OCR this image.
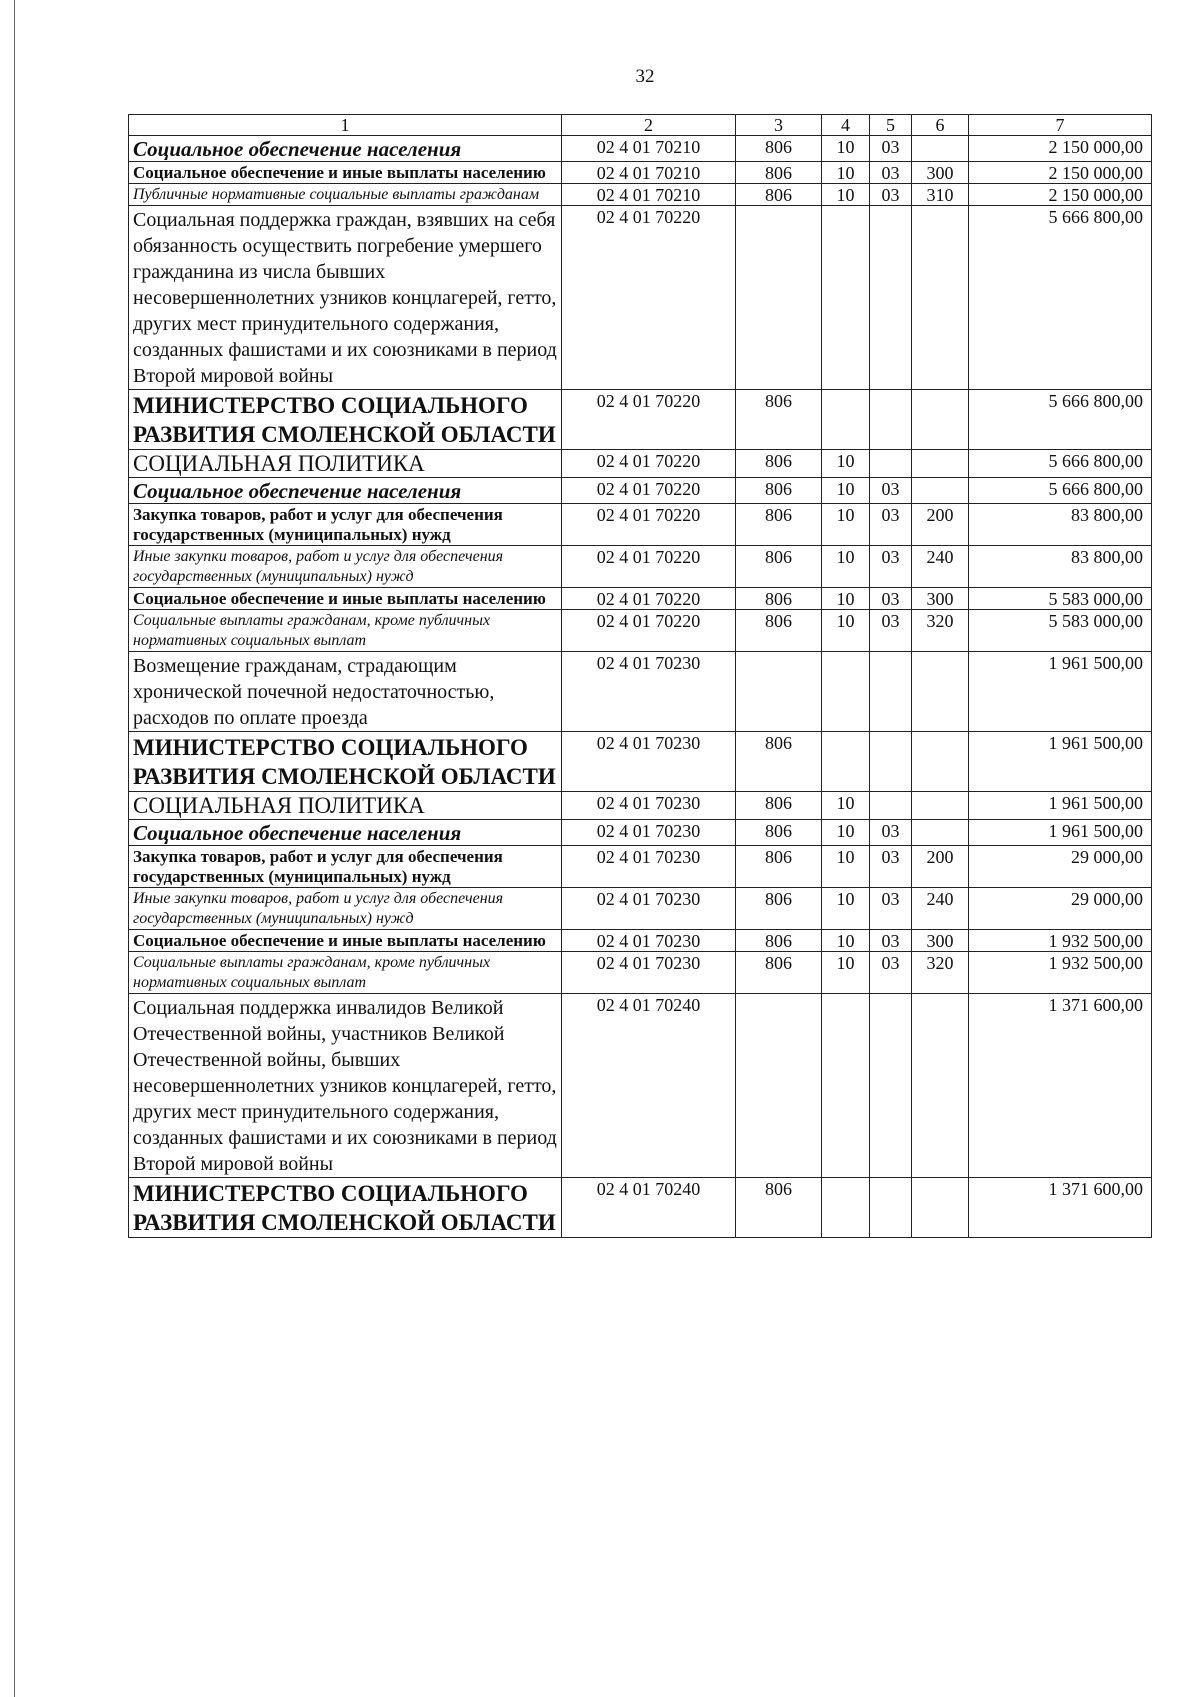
32
1	2	3	4	5	6	7
Социальное обеспечение населения	02 4 01 70210	806	10	03		2 150 000,00
Социальное обеспечение и иные выплаты населению	02 4 01 70210	806	10	03	300	2 150 000,00
Публичные нормативные социальные выплаты гражданам	02 4 01 70210	806	10	03	310	2 150 000,00
Социальная поддержка граждан, взявших на себя обязанность осуществить погребение умершего гражданина из числа бывших несовершеннолетних узников концлагерей, гетто, других мест принудительного содержания, созданных фашистами и их союзниками в период Второй мировой войны	02 4 01 70220					5 666 800,00
МИНИСТЕРСТВО СОЦИАЛЬНОГО РАЗВИТИЯ СМОЛЕНСКОЙ ОБЛАСТИ	02 4 01 70220	806				5 666 800,00
СОЦИАЛЬНАЯ ПОЛИТИКА	02 4 01 70220	806	10			5 666 800,00
Социальное обеспечение населения	02 4 01 70220	806	10	03		5 666 800,00
Закупка товаров, работ и услуг для обеспечения государственных (муниципальных) нужд	02 4 01 70220	806	10	03	200	83 800,00
Иные закупки товаров, работ и услуг для обеспечения государственных (муниципальных) нужд	02 4 01 70220	806	10	03	240	83 800,00
Социальное обеспечение и иные выплаты населению	02 4 01 70220	806	10	03	300	5 583 000,00
Социальные выплаты гражданам, кроме публичных нормативных социальных выплат	02 4 01 70220	806	10	03	320	5 583 000,00
Возмещение гражданам, страдающим хронической почечной недостаточностью, расходов по оплате проезда	02 4 01 70230					1 961 500,00
МИНИСТЕРСТВО СОЦИАЛЬНОГО РАЗВИТИЯ СМОЛЕНСКОЙ ОБЛАСТИ	02 4 01 70230	806				1 961 500,00
СОЦИАЛЬНАЯ ПОЛИТИКА	02 4 01 70230	806	10			1 961 500,00
Социальное обеспечение населения	02 4 01 70230	806	10	03		1 961 500,00
Закупка товаров, работ и услуг для обеспечения государственных (муниципальных) нужд	02 4 01 70230	806	10	03	200	29 000,00
Иные закупки товаров, работ и услуг для обеспечения государственных (муниципальных) нужд	02 4 01 70230	806	10	03	240	29 000,00
Социальное обеспечение и иные выплаты населению	02 4 01 70230	806	10	03	300	1 932 500,00
Социальные выплаты гражданам, кроме публичных нормативных социальных выплат	02 4 01 70230	806	10	03	320	1 932 500,00
Социальная поддержка инвалидов Великой Отечественной войны, участников Великой Отечественной войны, бывших несовершеннолетних узников концлагерей, гетто, других мест принудительного содержания, созданных фашистами и их союзниками в период Второй мировой войны	02 4 01 70240					1 371 600,00
МИНИСТЕРСТВО СОЦИАЛЬНОГО РАЗВИТИЯ СМОЛЕНСКОЙ ОБЛАСТИ	02 4 01 70240	806				1 371 600,00
